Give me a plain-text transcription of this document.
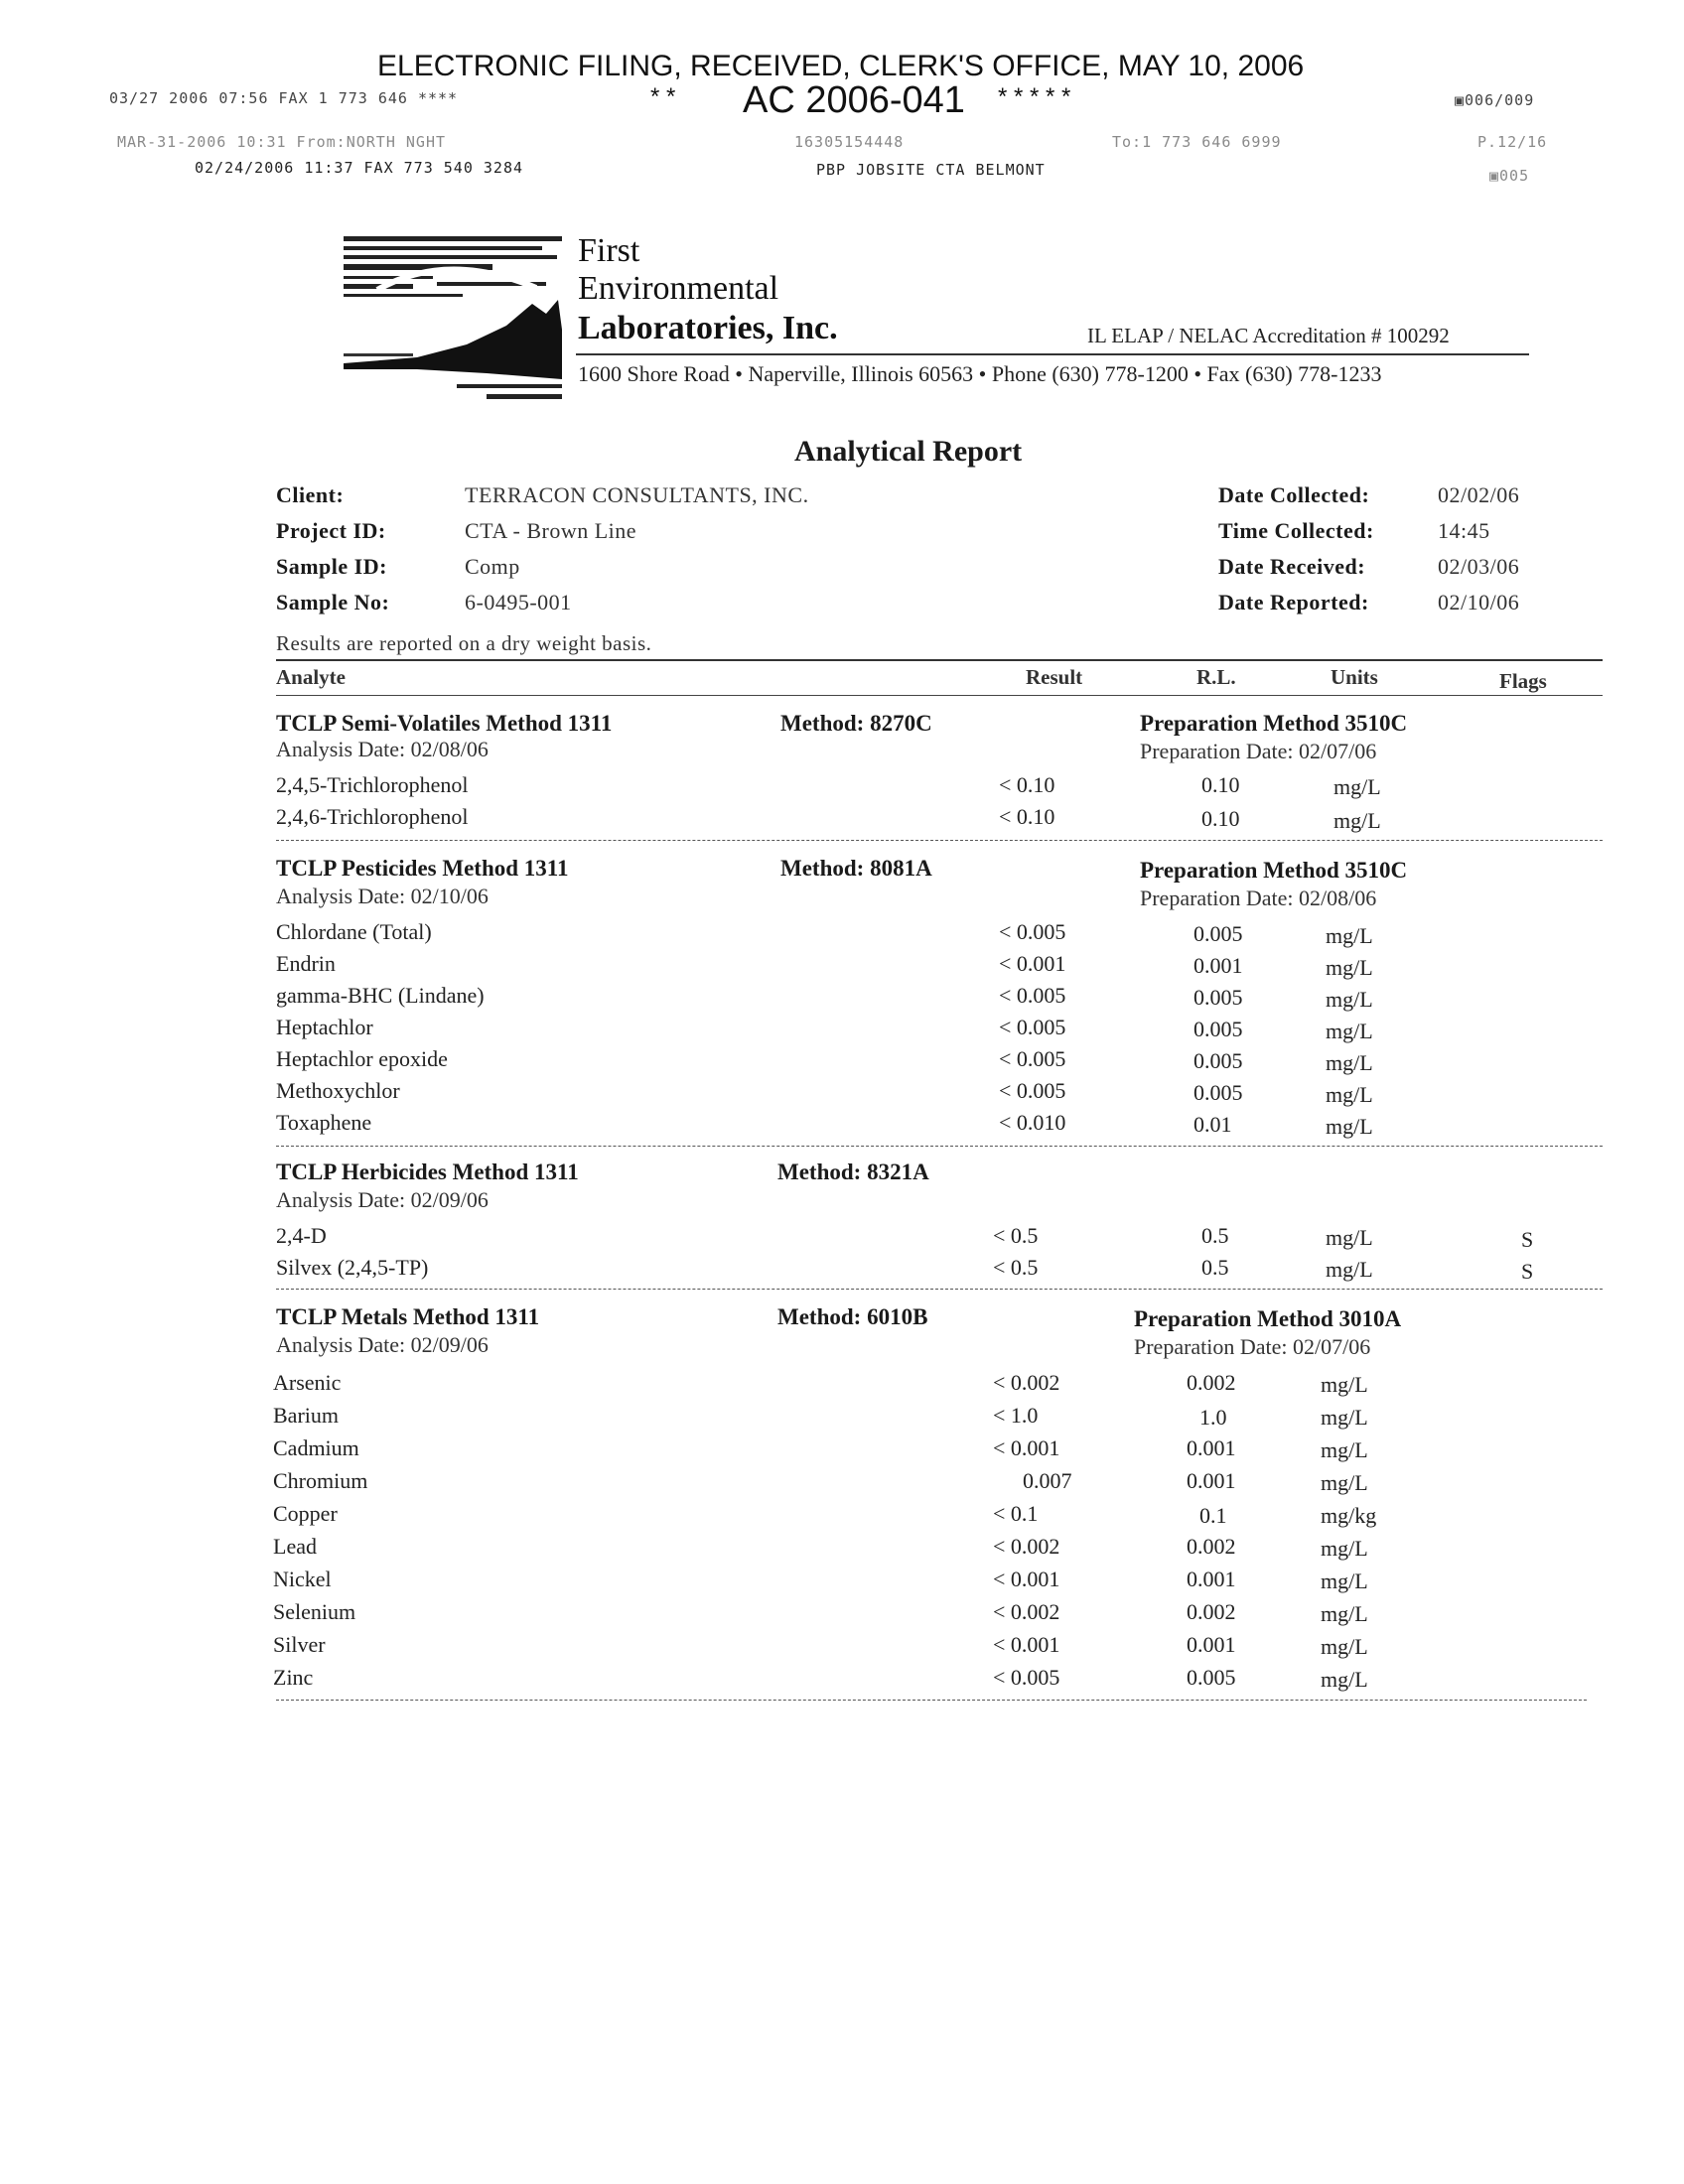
ELECTRONIC FILING, RECEIVED, CLERK'S OFFICE, MAY 10, 2006
03/27 2006 07:56 FAX 1 773 646 ****	* * AC 2006-041 * * * * *	▣006/009
MAR-31-2006 10:31 From:NORTH NGHT	16305154448	To:1 773 646 6999	P.12/16
02/24/2006 11:37 FAX 773 540 3284	PBP JOBSITE CTA BELMONT	▣005
First
Environmental
Laboratories, Inc.	IL ELAP / NELAC Accreditation # 100292
1600 Shore Road • Naperville, Illinois 60563 • Phone (630) 778-1200 • Fax (630) 778-1233
Analytical Report
Client:	TERRACON CONSULTANTS, INC.
Project ID:	CTA - Brown Line
Sample ID:	Comp
Sample No:	6-0495-001
Date Collected:	02/02/06
Time Collected:	14:45
Date Received:	02/03/06
Date Reported:	02/10/06
Results are reported on a dry weight basis.
Analyte	Result	R.L.	Units	Flags
TCLP Semi-Volatiles Method 1311	Method: 8270C	Preparation Method 3510C
Analysis Date: 02/08/06	Preparation Date: 02/07/06
2,4,5-Trichlorophenol	< 0.10	0.10	mg/L
2,4,6-Trichlorophenol	< 0.10	0.10	mg/L
TCLP Pesticides Method 1311	Method: 8081A	Preparation Method 3510C
Analysis Date: 02/10/06	Preparation Date: 02/08/06
Chlordane (Total)	< 0.005	0.005	mg/L
Endrin	< 0.001	0.001	mg/L
gamma-BHC (Lindane)	< 0.005	0.005	mg/L
Heptachlor	< 0.005	0.005	mg/L
Heptachlor epoxide	< 0.005	0.005	mg/L
Methoxychlor	< 0.005	0.005	mg/L
Toxaphene	< 0.010	0.01	mg/L
TCLP Herbicides Method 1311	Method: 8321A
Analysis Date: 02/09/06
2,4-D	< 0.5	0.5	mg/L	S
Silvex (2,4,5-TP)	< 0.5	0.5	mg/L	S
TCLP Metals Method 1311	Method: 6010B	Preparation Method 3010A
Analysis Date: 02/09/06	Preparation Date: 02/07/06
Arsenic	< 0.002	0.002	mg/L
Barium	< 1.0	1.0	mg/L
Cadmium	< 0.001	0.001	mg/L
Chromium	0.007	0.001	mg/L
Copper	< 0.1	0.1	mg/kg
Lead	< 0.002	0.002	mg/L
Nickel	< 0.001	0.001	mg/L
Selenium	< 0.002	0.002	mg/L
Silver	< 0.001	0.001	mg/L
Zinc	< 0.005	0.005	mg/L
